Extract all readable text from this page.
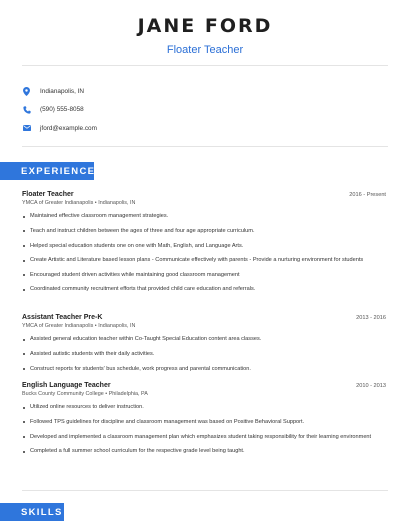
JANE FORD
Floater Teacher
Indianapolis, IN
(590) 555-8058
jford@example.com
EXPERIENCE
Floater Teacher	2016 - Present
YMCA of Greater Indianapolis • Indianapolis, IN
Maintained effective classroom management strategies.
Teach and instruct children between the ages of three and four age appropriate curriculum.
Helped special education students one on one with Math, English, and Language Arts.
Create Artistic and Literature based lesson plans - Communicate effectively with parents - Provide a nurturing environment for students
Encouraged student driven activities while maintaining good classroom management
Coordinated community recruitment efforts that provided child care education and referrals.
Assistant Teacher Pre-K	2013 - 2016
YMCA of Greater Indianapolis • Indianapolis, IN
Assisted general education teacher within Co-Taught Special Education content area classes.
Assisted autistic students with their daily activities.
Construct reports for students' bus schedule, work progress and parental communication.
English Language Teacher	2010 - 2013
Bucks County Community College • Philadelphia, PA
Utilized online resources to deliver instruction.
Followed TPS guidelines for discipline and classroom management was based on Positive Behavioral Support.
Developed and implemented a classroom management plan which emphasizes student taking responsibility for their learning environment
Completed a full summer school curriculum for the respective grade level being taught.
SKILLS
